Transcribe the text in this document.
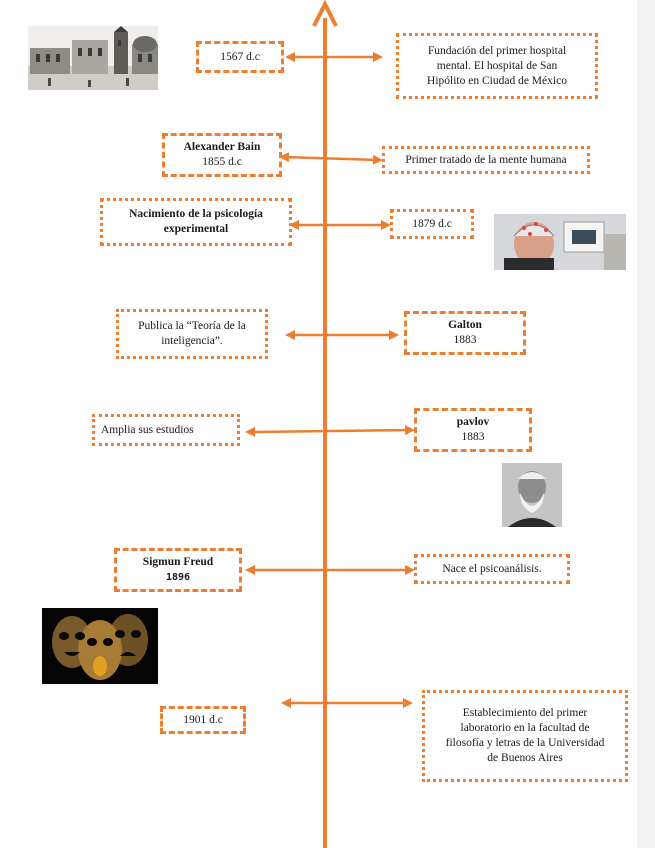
1567 d.c	Fundación del primer hospital
mental. El hospital de San
Hipólito en Ciudad de México
Alexander Bain
1855 d.c	Primer tratado de la mente humana
Nacimiento de la psicología
experimental	1879 d.c
Publica la “Teoría de la
inteligencia”.
Galton
1883
Amplia sus estudios
pavlov
1883
Sigmun Freud
1896
Nace el psicoanálisis.
1901 d.c
Establecimiento del primer
laboratorio en la facultad de
filosofía y letras de la Universidad
de Buenos Aires
